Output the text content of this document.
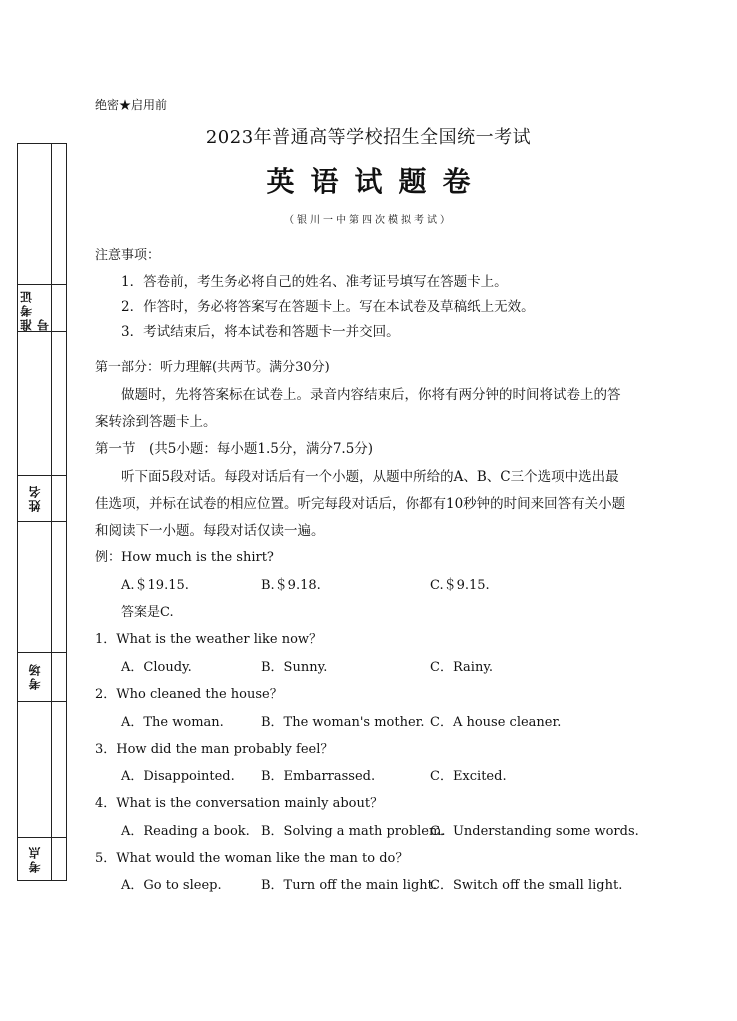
准考证号
姓名
考场
考点
绝密★启用前
2023年普通高等学校招生全国统一考试
英语试题卷
（银川一中第四次模拟考试）
注意事项：
1．答卷前，考生务必将自己的姓名、准考证号填写在答题卡上。
2．作答时，务必将答案写在答题卡上。写在本试卷及草稿纸上无效。
3．考试结束后，将本试卷和答题卡一并交回。
第一部分：听力理解(共两节。满分30分)
做题时，先将答案标在试卷上。录音内容结束后，你将有两分钟的时间将试卷上的答
案转涂到答题卡上。
第一节　(共5小题：每小题1.5分，满分7.5分)
听下面5段对话。每段对话后有一个小题，从题中所给的A、B、C三个选项中选出最
佳选项，并标在试卷的相应位置。听完每段对话后，你都有10秒钟的时间来回答有关小题
和阅读下一小题。每段对话仅读一遍。
例：How much is the shirt?
A.＄19.15.	B.＄9.18.	C.＄9.15.
答案是C.
1．What is the weather like now？
A．Cloudy.	B．Sunny.	C．Rainy.
2．Who cleaned the house？
A．The woman.	B．The woman's mother. C．A house cleaner.
3．How did the man probably feel？
A．Disappointed. B．Embarrassed.	C．Excited.
4．What is the conversation mainly about？
A．Reading a book. B．Solving a math problem.
C．Understanding some words.
5．What would the woman like the man to do？
A．Go to sleep.	B．Turn off the main light.
C．Switch off the small light.
